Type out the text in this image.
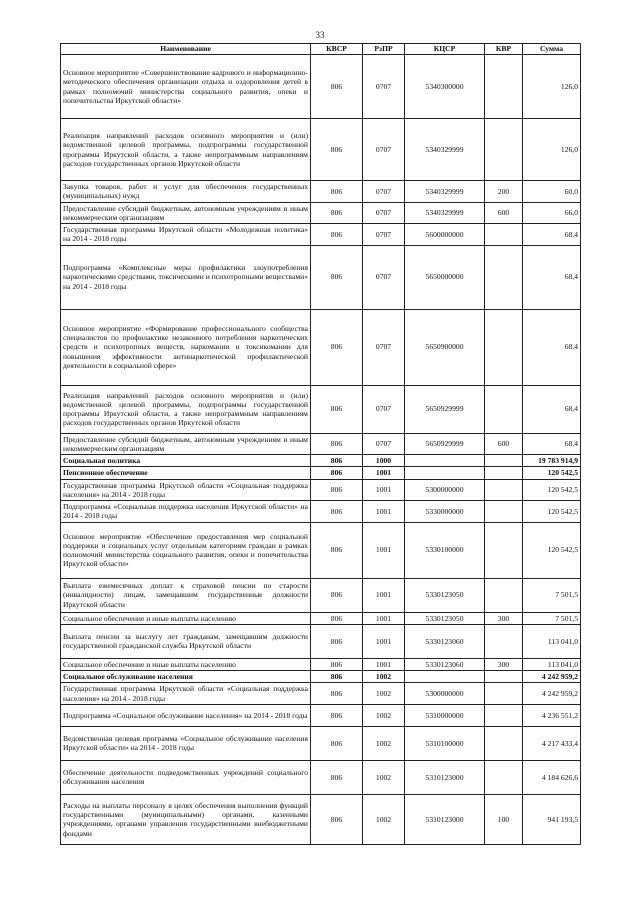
33
Наименование	КВСР	РзПР	КЦСР	КВР	Сумма
Основное мероприятие «Совершенствование кадрового и информационно-методического обеспечения организации отдыха и оздоровления детей в рамках полномочий министерства социального развития, опеки и попечительства Иркутской области»	806	0707	5340300000		126,0
Реализация направлений расходов основного мероприятия и (или) ведомственной целевой программы, подпрограммы государственной программы Иркутской области, а также непрограммным направлениям расходов государственных органов Иркутской области	806	0707	5340329999		126,0
Закупка товаров, работ и услуг для обеспечения государственных (муниципальных) нужд	806	0707	5340329999	200	60,0
Предоставление субсидий бюджетным, автономным учреждениям и иным некоммерческим организациям	806	0707	5340329999	600	66,0
Государственная программа Иркутской области «Молодежная политика» на 2014 - 2018 годы	806	0707	5600000000		68,4
Подпрограмма «Комплексные меры профилактики злоупотребления наркотическими средствами, токсическими и психотропными веществами» на 2014 - 2018 годы	806	0707	5650000000		68,4
Основное мероприятие «Формирование профессионального сообщества специалистов по профилактике незаконного потребления наркотических средств и психотропных веществ, наркомании и токсикомании для повышения эффективности антинаркотической профилактической деятельности в социальной сфере»	806	0707	5650900000		68,4
Реализация направлений расходов основного мероприятия и (или) ведомственной целевой программы, подпрограммы государственной программы Иркутской области, а также непрограммным направлениям расходов государственных органов Иркутской области	806	0707	5650929999		68,4
Предоставление субсидий бюджетным, автономным учреждениям и иным некоммерческим организациям	806	0707	5650929999	600	68,4
Социальная политика	806	1000			19 783 914,9
Пенсионное обеспечение	806	1001			120 542,5
Государственная программа Иркутской области «Социальная поддержка населения» на 2014 - 2018 годы	806	1001	5300000000		120 542,5
Подпрограмма «Социальная поддержка населения Иркутской области» на 2014 - 2018 годы	806	1001	5330000000		120 542,5
Основное мероприятие «Обеспечение предоставления мер социальной поддержки и социальных услуг отдельным категориям граждан в рамках полномочий министерства социального развития, опеки и попечительства Иркутской области»	806	1001	5330100000		120 542,5
Выплата ежемесячных доплат к страховой пенсии по старости (инвалидности) лицам, замещавшим государственные должности Иркутской области	806	1001	5330123050		7 501,5
Социальное обеспечение и иные выплаты населению	806	1001	5330123050	300	7 501,5
Выплата пенсии за выслугу лет гражданам, замещавшим должности государственной гражданской службы Иркутской области	806	1001	5330123060		113 041,0
Социальное обеспечение и иные выплаты населению	806	1001	5330123060	300	113 041,0
Социальное обслуживание населения	806	1002			4 242 959,2
Государственная программа Иркутской области «Социальная поддержка населения» на 2014 - 2018 годы	806	1002	5300000000		4 242 959,2
Подпрограмма «Социальное обслуживание населения» на 2014 - 2018 годы	806	1002	5310000000		4 236 551,2
Ведомственная целевая программа «Социальное обслуживание населения Иркутской области» на 2014 - 2018 годы	806	1002	5310100000		4 217 433,4
Обеспечение деятельности подведомственных учреждений социального обслуживания населения	806	1002	5310123000		4 184 626,6
Расходы на выплаты персоналу в целях обеспечения выполнения функций государственными (муниципальными) органами, казенными учреждениями, органами управления государственными внебюджетными фондами	806	1002	5310123000	100	941 193,5
